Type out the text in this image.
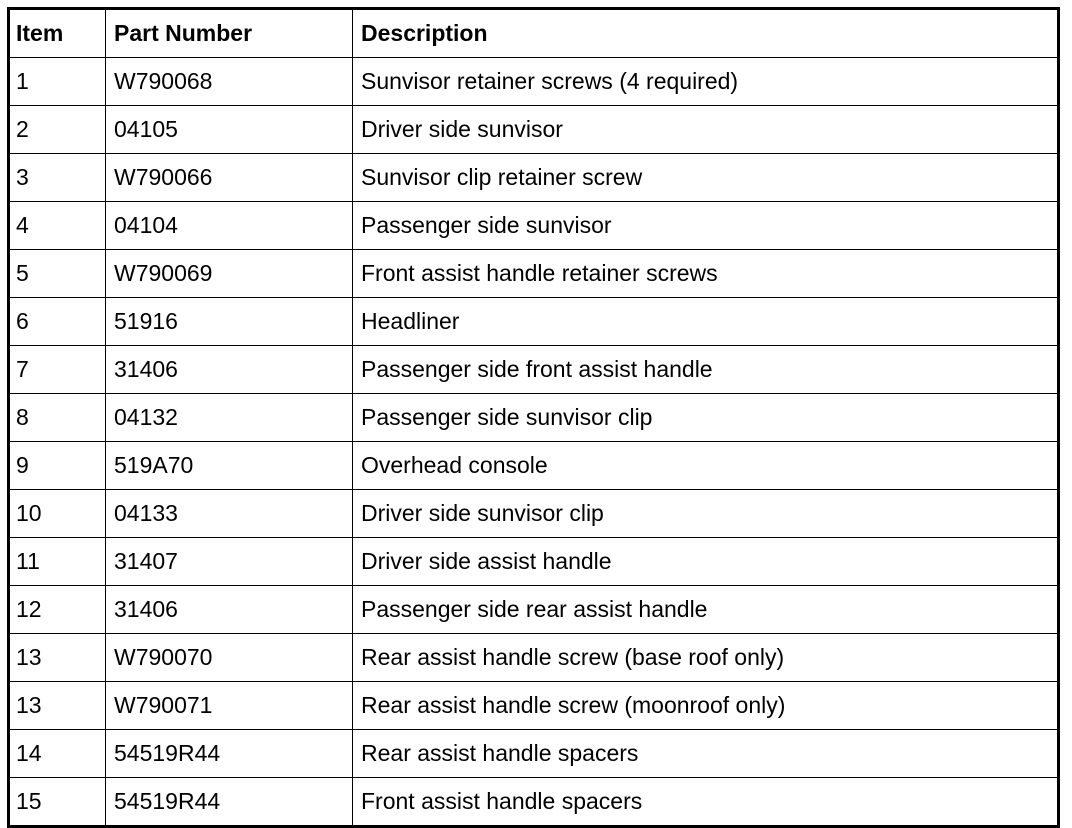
Item	Part Number	Description
1	W790068	Sunvisor retainer screws (4 required)
2	04105	Driver side sunvisor
3	W790066	Sunvisor clip retainer screw
4	04104	Passenger side sunvisor
5	W790069	Front assist handle retainer screws
6	51916	Headliner
7	31406	Passenger side front assist handle
8	04132	Passenger side sunvisor clip
9	519A70	Overhead console
10	04133	Driver side sunvisor clip
11	31407	Driver side assist handle
12	31406	Passenger side rear assist handle
13	W790070	Rear assist handle screw (base roof only)
13	W790071	Rear assist handle screw (moonroof only)
14	54519R44	Rear assist handle spacers
15	54519R44	Front assist handle spacers
